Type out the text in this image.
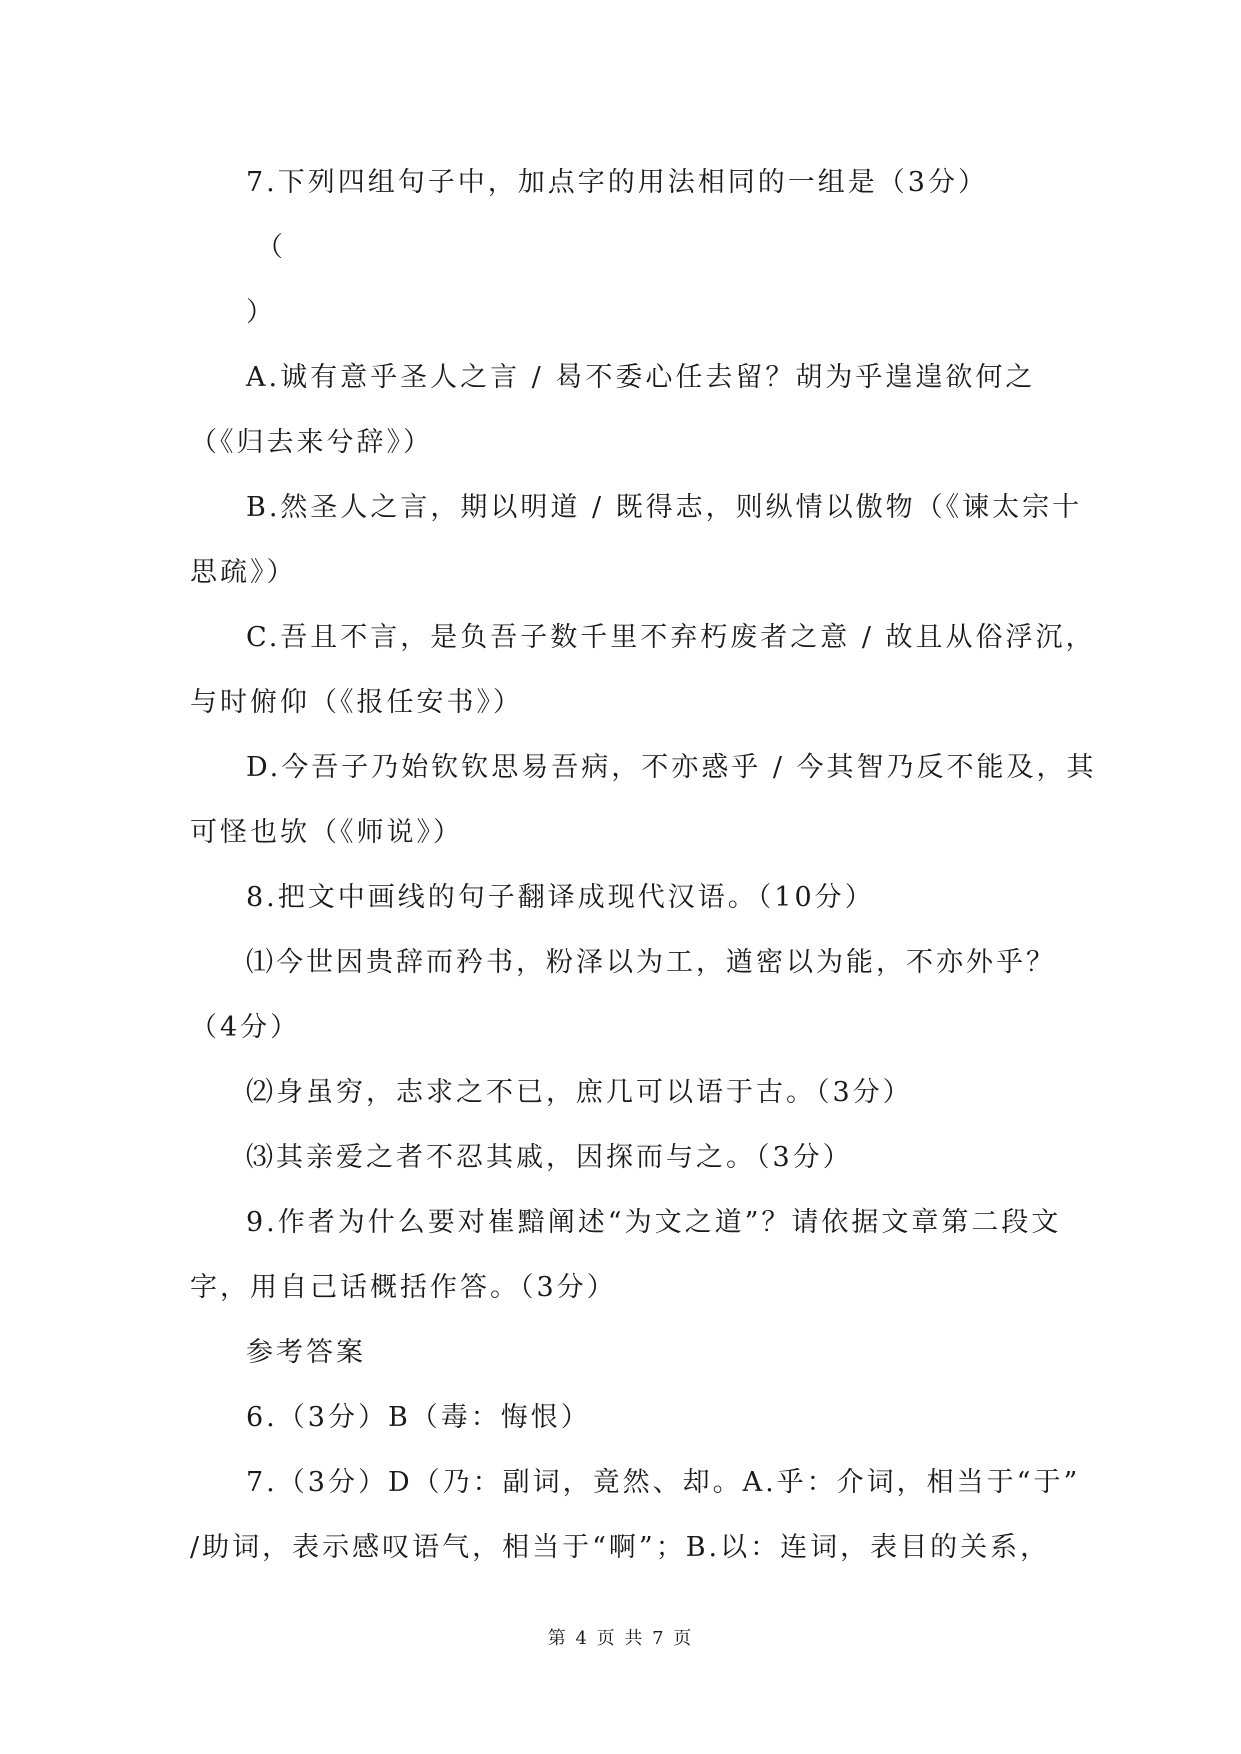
7.下列四组句子中，加点字的用法相同的一组是（3分）
（
）
A.诚有意乎圣人之言 / 曷不委心任去留？胡为乎遑遑欲何之
（《归去来兮辞》）
B.然圣人之言，期以明道 / 既得志，则纵情以傲物（《谏太宗十
思疏》）
C.吾且不言，是负吾子数千里不弃朽废者之意 / 故且从俗浮沉，
与时俯仰（《报任安书》）
D.今吾子乃始钦钦思易吾病，不亦惑乎 / 今其智乃反不能及，其
可怪也欤（《师说》）
8.把文中画线的句子翻译成现代汉语。（10分）
⑴今世因贵辞而矜书，粉泽以为工，遒密以为能，不亦外乎？
（4分）
⑵身虽穷，志求之不已，庶几可以语于古。（3分）
⑶其亲爱之者不忍其戚，因探而与之。（3分）
9.作者为什么要对崔黯阐述“为文之道”？请依据文章第二段文
字，用自己话概括作答。（3分）
参考答案
6.（3分）B（毒：悔恨）
7.（3分）D（乃：副词，竟然、却。A.乎：介词，相当于“于”
/助词，表示感叹语气，相当于“啊”；B.以：连词，表目的关系，
第 4 页 共 7 页
